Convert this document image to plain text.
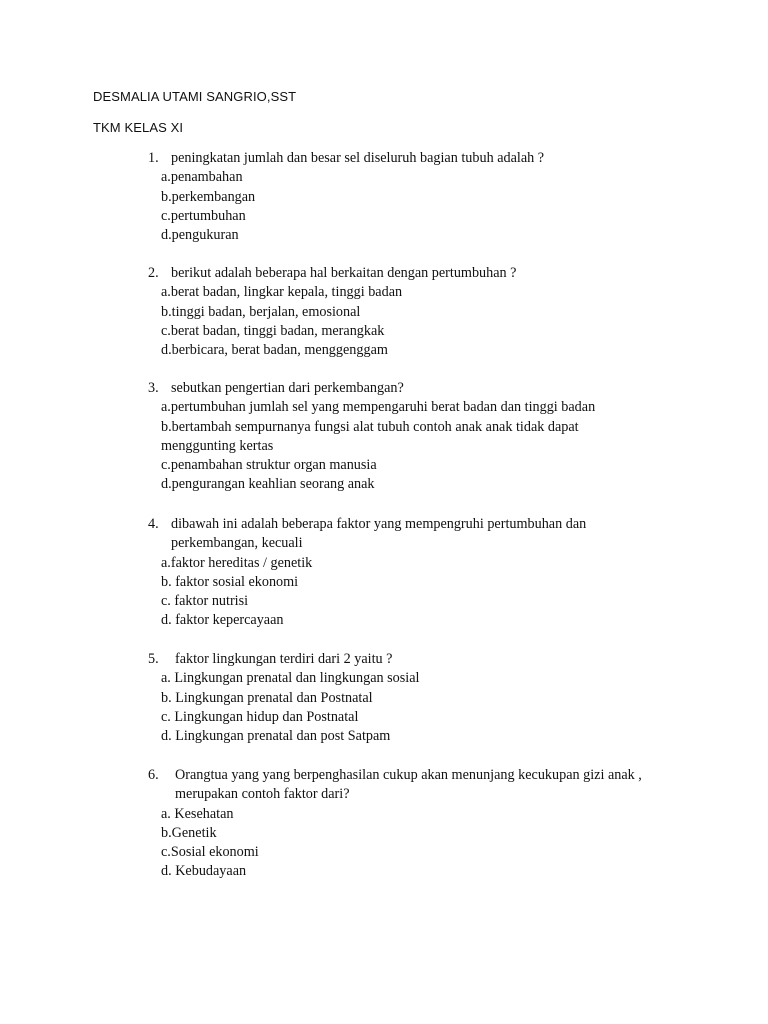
DESMALIA UTAMI SANGRIO,SST
TKM KELAS XI
1. peningkatan jumlah dan besar sel diseluruh bagian tubuh adalah ?
a.penambahan
b.perkembangan
c.pertumbuhan
d.pengukuran
2. berikut adalah beberapa hal berkaitan dengan pertumbuhan ?
a.berat badan, lingkar kepala, tinggi badan
b.tinggi badan, berjalan, emosional
c.berat badan, tinggi badan, merangkak
d.berbicara, berat badan, menggenggam
3. sebutkan pengertian dari perkembangan?
a.pertumbuhan jumlah sel yang mempengaruhi berat badan dan tinggi badan
b.bertambah sempurnanya fungsi alat tubuh contoh anak anak tidak dapat menggunting kertas
c.penambahan struktur organ manusia
d.pengurangan keahlian seorang anak
4. dibawah ini adalah beberapa faktor yang mempengruhi pertumbuhan dan perkembangan, kecuali
a.faktor hereditas / genetik
b. faktor sosial ekonomi
c. faktor nutrisi
d. faktor kepercayaan
5. faktor lingkungan terdiri dari 2 yaitu ?
a. Lingkungan prenatal dan lingkungan sosial
b. Lingkungan prenatal dan Postnatal
c. Lingkungan hidup dan Postnatal
d. Lingkungan prenatal dan post Satpam
6. Orangtua yang yang berpenghasilan cukup akan menunjang kecukupan gizi anak , merupakan contoh faktor dari?
a. Kesehatan
b.Genetik
c.Sosial ekonomi
d. Kebudayaan
